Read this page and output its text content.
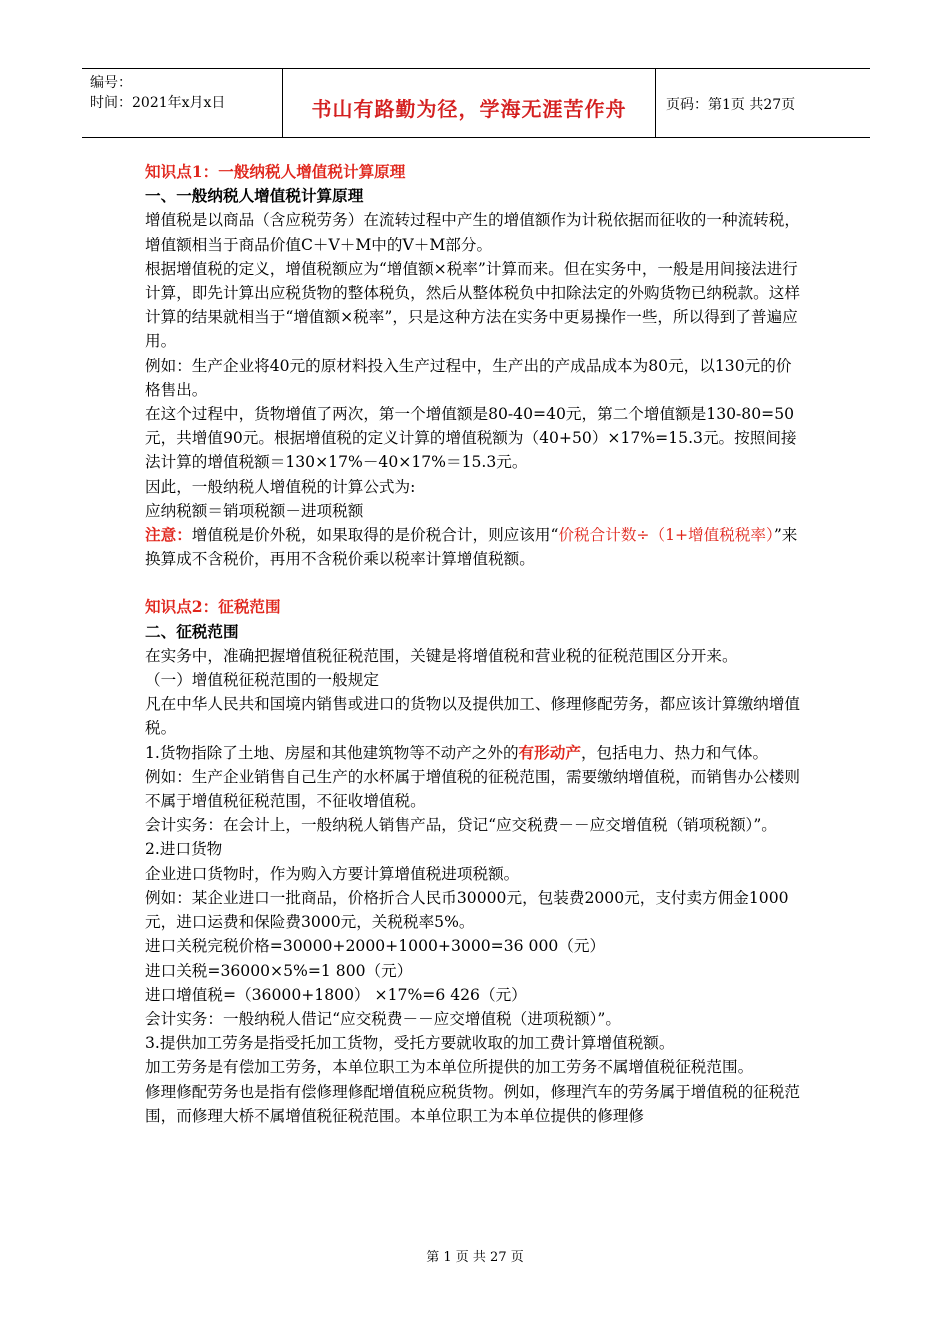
编号：
时间：2021年x月x日	书山有路勤为径，学海无涯苦作舟	页码：第1页 共27页

知识点1：一般纳税人增值税计算原理

一、一般纳税人增值税计算原理

增值税是以商品（含应税劳务）在流转过程中产生的增值额作为计税依据而征收的一种流转税，增值额相当于商品价值C＋V＋M中的V＋M部分。

根据增值税的定义，增值税额应为“增值额×税率”计算而来。但在实务中，一般是用间接法进行计算，即先计算出应税货物的整体税负，然后从整体税负中扣除法定的外购货物已纳税款。这样计算的结果就相当于“增值额×税率”，只是这种方法在实务中更易操作一些，所以得到了普遍应用。

例如：生产企业将40元的原材料投入生产过程中，生产出的产成品成本为80元，以130元的价格售出。

在这个过程中，货物增值了两次，第一个增值额是80-40=40元，第二个增值额是130-80=50元，共增值90元。根据增值税的定义计算的增值税额为（40+50）×17%=15.3元。按照间接法计算的增值税额＝130×17%－40×17%＝15.3元。

因此，一般纳税人增值税的计算公式为:

应纳税额＝销项税额－进项税额

注意：增值税是价外税，如果取得的是价税合计，则应该用“价税合计数÷（1+增值税税率）”来换算成不含税价，再用不含税价乘以税率计算增值税额。

知识点2：征税范围

二、征税范围

在实务中，准确把握增值税征税范围，关键是将增值税和营业税的征税范围区分开来。

（一）增值税征税范围的一般规定

凡在中华人民共和国境内销售或进口的货物以及提供加工、修理修配劳务，都应该计算缴纳增值税。

1.货物指除了土地、房屋和其他建筑物等不动产之外的有形动产，包括电力、热力和气体。

例如：生产企业销售自己生产的水杯属于增值税的征税范围，需要缴纳增值税，而销售办公楼则不属于增值税征税范围，不征收增值税。

会计实务：在会计上，一般纳税人销售产品，贷记“应交税费－－应交增值税（销项税额）”。

2.进口货物

企业进口货物时，作为购入方要计算增值税进项税额。

例如：某企业进口一批商品，价格折合人民币30000元，包装费2000元，支付卖方佣金1000元，进口运费和保险费3000元，关税税率5%。

进口关税完税价格=30000+2000+1000+3000=36 000（元）

进口关税=36000×5%=1 800（元）

进口增值税=（36000+1800） ×17%=6 426（元）

会计实务：一般纳税人借记“应交税费－－应交增值税（进项税额）”。

3.提供加工劳务是指受托加工货物，受托方要就收取的加工费计算增值税额。

加工劳务是有偿加工劳务，本单位职工为本单位所提供的加工劳务不属增值税征税范围。

修理修配劳务也是指有偿修理修配增值税应税货物。例如，修理汽车的劳务属于增值税的征税范围，而修理大桥不属增值税征税范围。本单位职工为本单位提供的修理修

第 1 页 共 27 页
